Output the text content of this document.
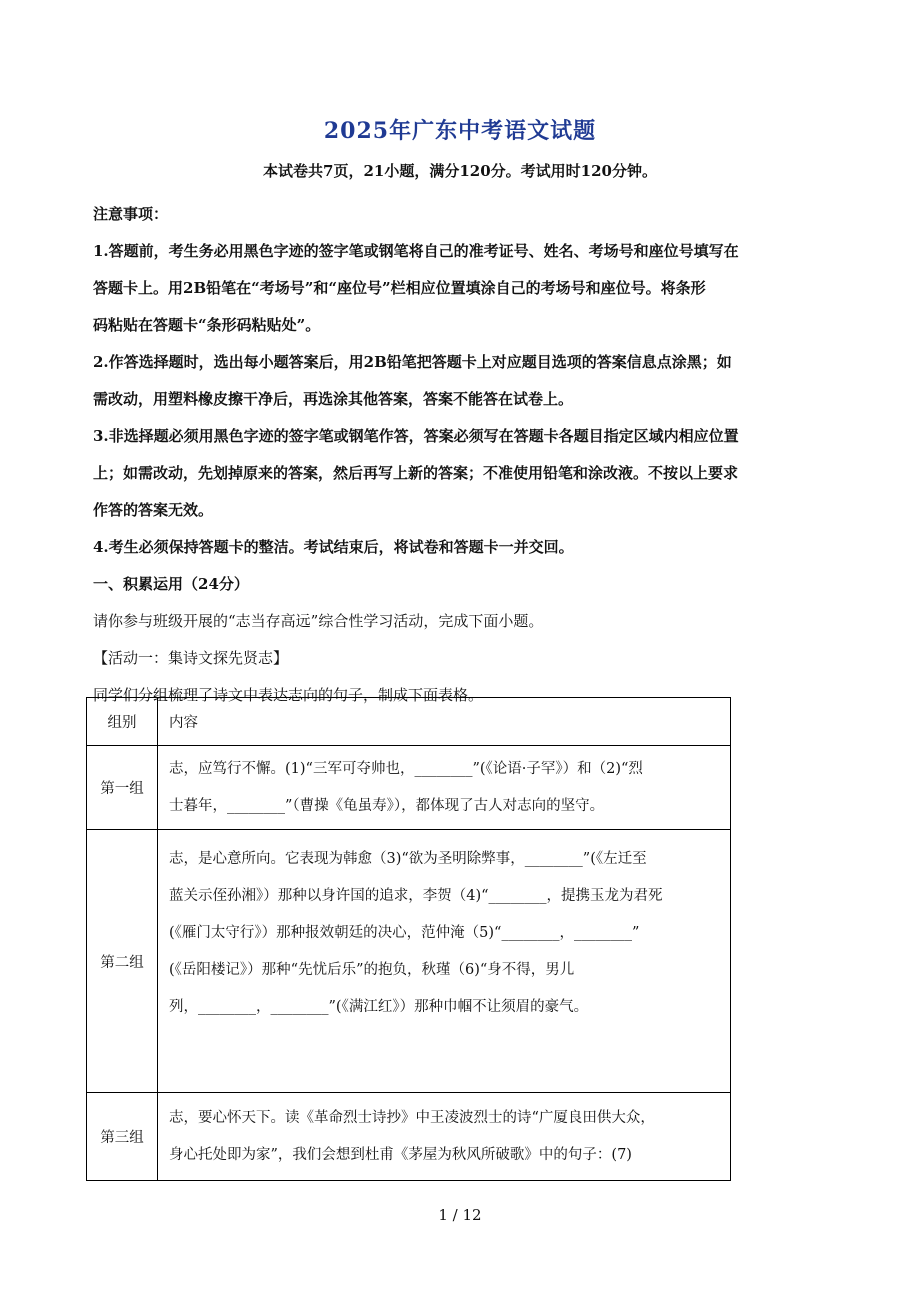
2025年广东中考语文试题
本试卷共7页，21小题，满分120分。考试用时120分钟。
注意事项：
1.答题前，考生务必用黑色字迹的签字笔或钢笔将自己的准考证号、姓名、考场号和座位号填写在
答题卡上。用2B铅笔在“考场号”和“座位号”栏相应位置填涂自己的考场号和座位号。将条形
码粘贴在答题卡“条形码粘贴处”。
2.作答选择题时，选出每小题答案后，用2B铅笔把答题卡上对应题目选项的答案信息点涂黑；如
需改动，用塑料橡皮擦干净后，再选涂其他答案，答案不能答在试卷上。
3.非选择题必须用黑色字迹的签字笔或钢笔作答，答案必须写在答题卡各题目指定区域内相应位置
上；如需改动，先划掉原来的答案，然后再写上新的答案；不准使用铅笔和涂改液。不按以上要求
作答的答案无效。
4.考生必须保持答题卡的整洁。考试结束后，将试卷和答题卡一并交回。
一、积累运用（24分）
请你参与班级开展的“志当存高远”综合性学习活动，完成下面小题。
【活动一：集诗文探先贤志】
同学们分组梳理了诗文中表达志向的句子，制成下面表格。
组别	内容
第一组	志，应笃行不懈。(1)“三军可夺帅也，________”(《论语·子罕》）和（2)“烈
士暮年，________”（曹操《龟虽寿》），都体现了古人对志向的坚守。

第二组	志，是心意所向。它表现为韩愈（3)“欲为圣明除弊事，________”(《左迁至
蓝关示侄孙湘》）那种以身许国的追求，李贺（4)“________，提携玉龙为君死
(《雁门太守行》）那种报效朝廷的决心，范仲淹（5)“________，________”
(《岳阳楼记》）那种“先忧后乐”的抱负，秋瑾（6)“身不得，男儿
列，________，________”(《满江红》）那种巾帼不让须眉的豪气。

第三组	志，要心怀天下。读《革命烈士诗抄》中王凌波烈士的诗“广厦良田供大众，
身心托处即为家”，我们会想到杜甫《茅屋为秋风所破歌》中的句子：(7)
1 / 12
